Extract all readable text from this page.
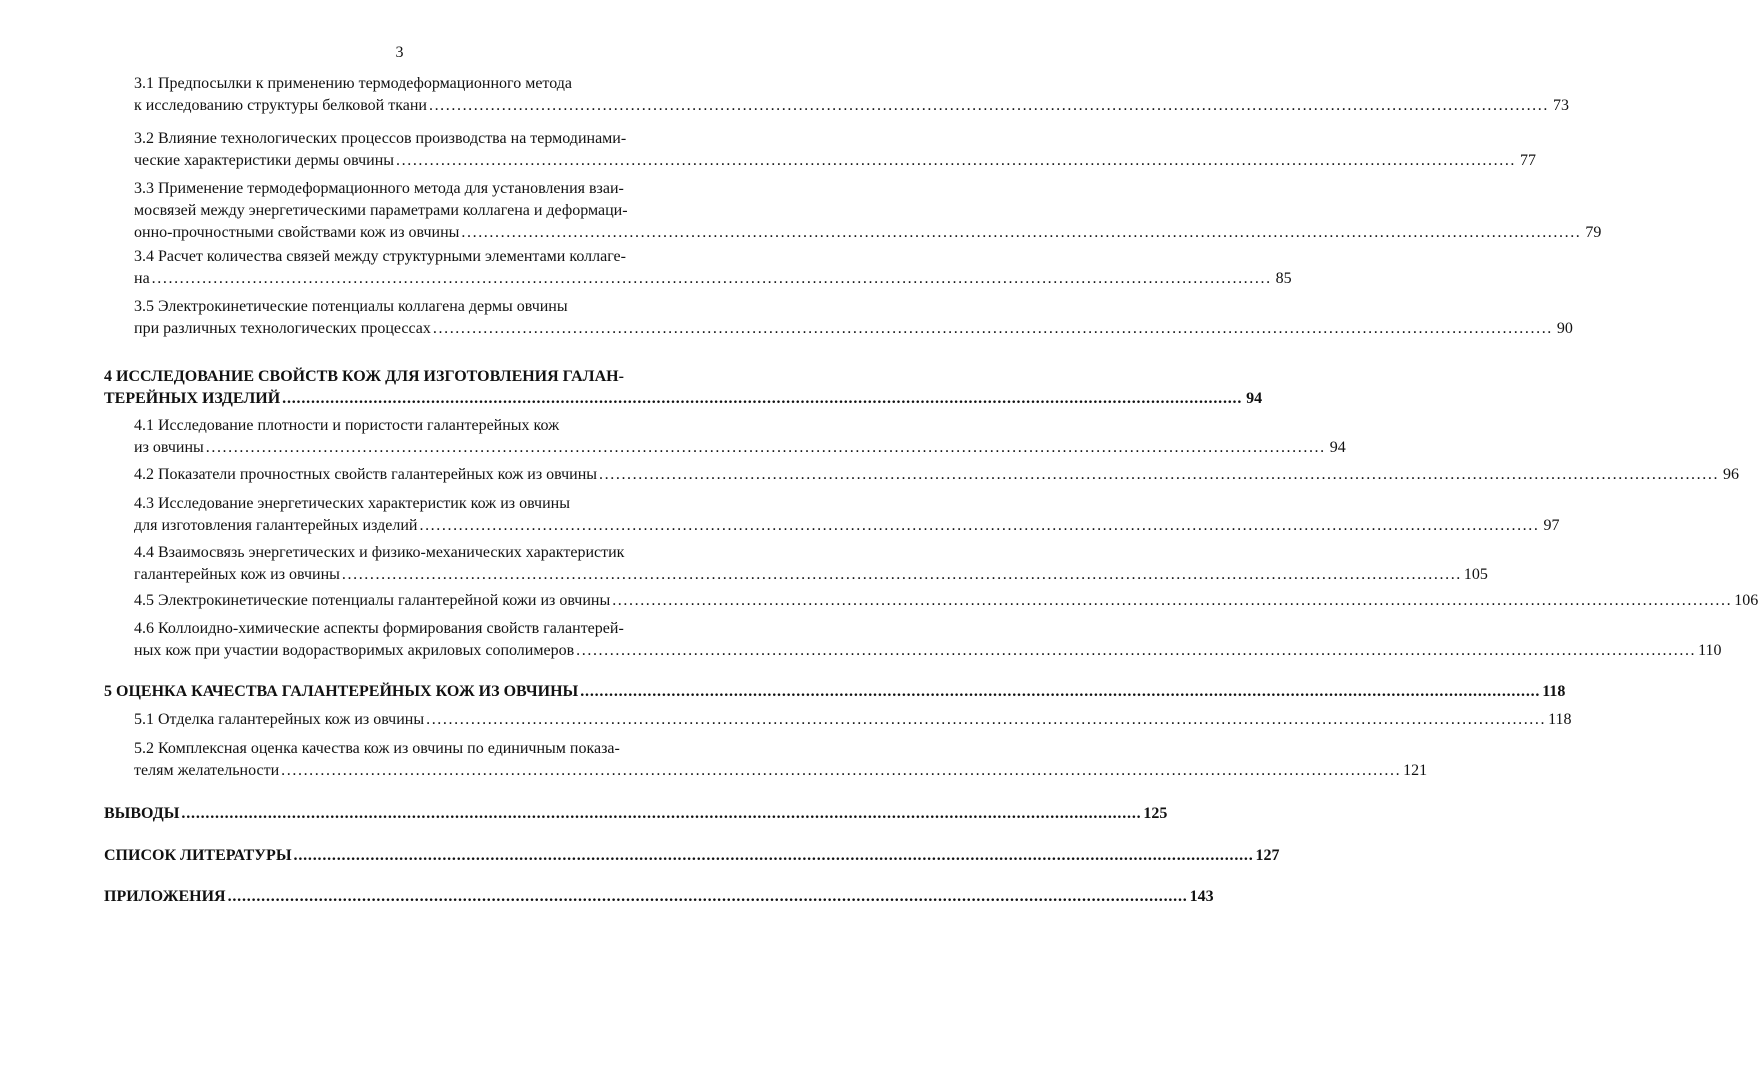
3
3.1 Предпосылки к применению термодеформационного метода
к исследованию структуры белковой ткани ........................................................................................................................................................................................................ 73
3.2 Влияние технологических процессов производства на термодинами-
ческие характеристики дермы овчины ........................................................................................................................................................................................................ 77
3.3 Применение термодеформационного метода для установления взаи-
мосвязей между энергетическими параметрами коллагена и деформаци-
онно-прочностными свойствами кож из овчины ........................................................................................................................................................................................................ 79
3.4 Расчет количества связей между структурными элементами коллаге-
на ........................................................................................................................................................................................................ 85
3.5 Электрокинетические потенциалы коллагена дермы овчины
при различных технологических процессах ........................................................................................................................................................................................................ 90
4 ИССЛЕДОВАНИЕ СВОЙСТВ КОЖ ДЛЯ ИЗГОТОВЛЕНИЯ ГАЛАН-
ТЕРЕЙНЫХ ИЗДЕЛИЙ ........................................................................................................................................................................................................ 94
4.1 Исследование плотности и пористости галантерейных кож
из овчины ........................................................................................................................................................................................................ 94
4.2 Показатели прочностных свойств галантерейных кож из овчины ........................................................................................................................................................................................................ 96
4.3 Исследование энергетических характеристик кож из овчины
для изготовления галантерейных изделий ........................................................................................................................................................................................................ 97
4.4 Взаимосвязь энергетических и физико-механических характеристик
галантерейных кож из овчины ........................................................................................................................................................................................................ 105
4.5 Электрокинетические потенциалы галантерейной кожи из овчины ........................................................................................................................................................................................................ 106
4.6 Коллоидно-химические аспекты формирования свойств галантерей-
ных кож при участии водорастворимых акриловых сополимеров ........................................................................................................................................................................................................ 110
5 ОЦЕНКА КАЧЕСТВА ГАЛАНТЕРЕЙНЫХ КОЖ ИЗ ОВЧИНЫ ........................................................................................................................................................................................................ 118
5.1 Отделка галантерейных кож из овчины ........................................................................................................................................................................................................ 118
5.2 Комплексная оценка качества кож из овчины по единичным показа-
телям желательности ........................................................................................................................................................................................................ 121
ВЫВОДЫ ........................................................................................................................................................................................................ 125
СПИСОК ЛИТЕРАТУРЫ ........................................................................................................................................................................................................ 127
ПРИЛОЖЕНИЯ ........................................................................................................................................................................................................ 143
